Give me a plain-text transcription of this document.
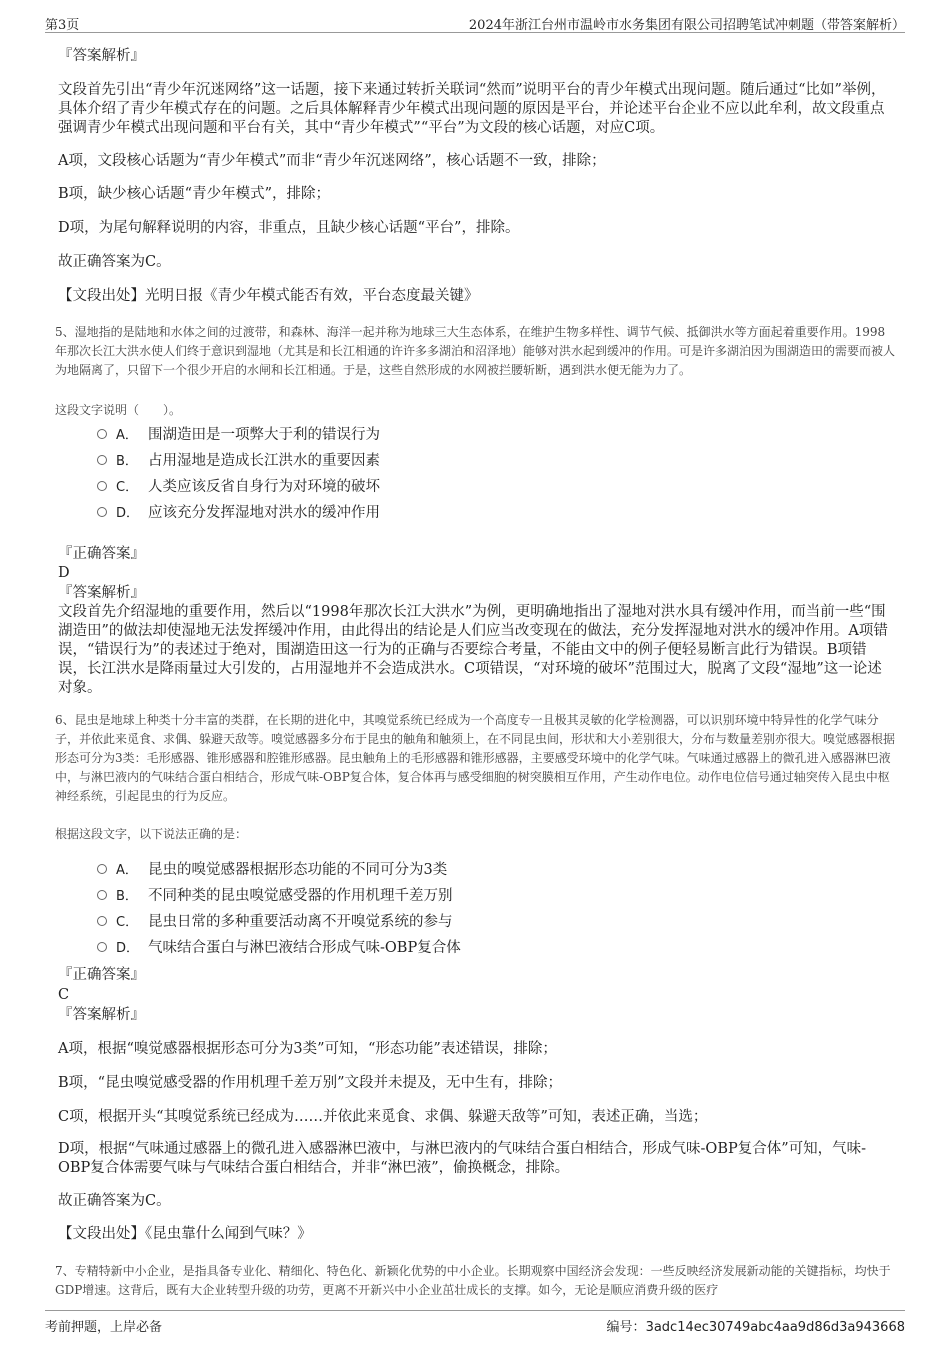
第3页	2024年浙江台州市温岭市水务集团有限公司招聘笔试冲刺题（带答案解析）

『答案解析』

文段首先引出“青少年沉迷网络”这一话题，接下来通过转折关联词“然而”说明平台的青少年模式出现问题。随后通过“比如”举例，具体介绍了青少年模式存在的问题。之后具体解释青少年模式出现问题的原因是平台，并论述平台企业不应以此牟利，故文段重点强调青少年模式出现问题和平台有关，其中“青少年模式”“平台”为文段的核心话题，对应C项。

A项，文段核心话题为“青少年模式”而非“青少年沉迷网络”，核心话题不一致，排除；

B项，缺少核心话题“青少年模式”，排除；

D项，为尾句解释说明的内容，非重点，且缺少核心话题“平台”，排除。

故正确答案为C。

【文段出处】光明日报《青少年模式能否有效，平台态度最关键》

5、湿地指的是陆地和水体之间的过渡带，和森林、海洋一起并称为地球三大生态体系，在维护生物多样性、调节气候、抵御洪水等方面起着重要作用。1998年那次长江大洪水使人们终于意识到湿地（尤其是和长江相通的许许多多湖泊和沼泽地）能够对洪水起到缓冲的作用。可是许多湖泊因为围湖造田的需要而被人为地隔离了，只留下一个很少开启的水闸和长江相通。于是，这些自然形成的水网被拦腰斩断，遇到洪水便无能为力了。

这段文字说明（　　）。

A． 围湖造田是一项弊大于利的错误行为
B． 占用湿地是造成长江洪水的重要因素
C． 人类应该反省自身行为对环境的破坏
D． 应该充分发挥湿地对洪水的缓冲作用

『正确答案』

D

『答案解析』

文段首先介绍湿地的重要作用，然后以“1998年那次长江大洪水”为例，更明确地指出了湿地对洪水具有缓冲作用，而当前一些“围湖造田”的做法却使湿地无法发挥缓冲作用，由此得出的结论是人们应当改变现在的做法，充分发挥湿地对洪水的缓冲作用。A项错误，“错误行为”的表述过于绝对，围湖造田这一行为的正确与否要综合考量，不能由文中的例子便轻易断言此行为错误。B项错误，长江洪水是降雨量过大引发的，占用湿地并不会造成洪水。C项错误，“对环境的破坏”范围过大，脱离了文段“湿地”这一论述对象。

6、昆虫是地球上种类十分丰富的类群，在长期的进化中，其嗅觉系统已经成为一个高度专一且极其灵敏的化学检测器，可以识别环境中特异性的化学气味分子，并依此来觅食、求偶、躲避天敌等。嗅觉感器多分布于昆虫的触角和触须上，在不同昆虫间，形状和大小差别很大，分布与数量差别亦很大。嗅觉感器根据形态可分为3类：毛形感器、锥形感器和腔锥形感器。昆虫触角上的毛形感器和锥形感器，主要感受环境中的化学气味。气味通过感器上的微孔进入感器淋巴液中，与淋巴液内的气味结合蛋白相结合，形成气味-OBP复合体，复合体再与感受细胞的树突膜相互作用，产生动作电位。动作电位信号通过轴突传入昆虫中枢神经系统，引起昆虫的行为反应。

根据这段文字，以下说法正确的是：

A． 昆虫的嗅觉感器根据形态功能的不同可分为3类
B． 不同种类的昆虫嗅觉感受器的作用机理千差万别
C． 昆虫日常的多种重要活动离不开嗅觉系统的参与
D． 气味结合蛋白与淋巴液结合形成气味-OBP复合体

『正确答案』

C

『答案解析』

A项，根据“嗅觉感器根据形态可分为3类”可知，“形态功能”表述错误，排除；

B项，“昆虫嗅觉感受器的作用机理千差万别”文段并未提及，无中生有，排除；

C项，根据开头“其嗅觉系统已经成为……并依此来觅食、求偶、躲避天敌等”可知，表述正确，当选；

D项，根据“气味通过感器上的微孔进入感器淋巴液中，与淋巴液内的气味结合蛋白相结合，形成气味-OBP复合体”可知，气味-OBP复合体需要气味与气味结合蛋白相结合，并非“淋巴液”，偷换概念，排除。

故正确答案为C。

【文段出处】《昆虫靠什么闻到气味？》

7、专精特新中小企业，是指具备专业化、精细化、特色化、新颖化优势的中小企业。长期观察中国经济会发现：一些反映经济发展新动能的关键指标，均快于GDP增速。这背后，既有大企业转型升级的功劳，更离不开新兴中小企业茁壮成长的支撑。如今，无论是顺应消费升级的医疗

考前押题，上岸必备	编号：3adc14ec30749abc4aa9d86d3a943668
